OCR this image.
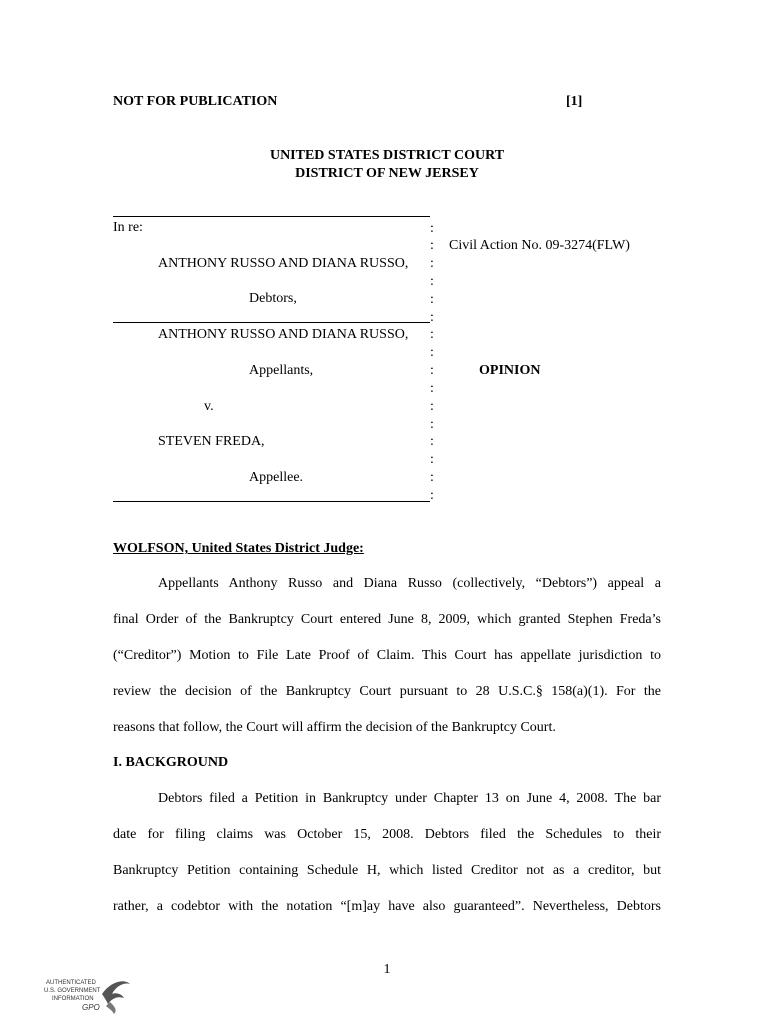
NOT FOR PUBLICATION	[1]
UNITED STATES DISTRICT COURT
DISTRICT OF NEW JERSEY
In re:
ANTHONY RUSSO AND DIANA RUSSO,
Debtors,
ANTHONY RUSSO AND DIANA RUSSO,
Appellants,
v.
STEVEN FREDA,
Appellee.
:
:
:
:
:
:
:
:
:
:
:
:
:
:
:
:
Civil Action No. 09-3274(FLW)
OPINION
WOLFSON, United States District Judge:
Appellants Anthony Russo and Diana Russo (collectively, “Debtors”) appeal a
final Order of the Bankruptcy Court entered June 8, 2009, which granted Stephen Freda’s
(“Creditor”) Motion to File Late Proof of Claim. This Court has appellate jurisdiction to
review the decision of the Bankruptcy Court pursuant to 28 U.S.C.§ 158(a)(1). For the
reasons that follow, the Court will affirm the decision of the Bankruptcy Court.
I. BACKGROUND
Debtors filed a Petition in Bankruptcy under Chapter 13 on June 4, 2008. The bar
date for filing claims was October 15, 2008. Debtors filed the Schedules to their
Bankruptcy Petition containing Schedule H, which listed Creditor not as a creditor, but
rather, a codebtor with the notation “[m]ay have also guaranteed”. Nevertheless, Debtors
1
AUTHENTICATED
U.S. GOVERNMENT
INFORMATION
GPO
